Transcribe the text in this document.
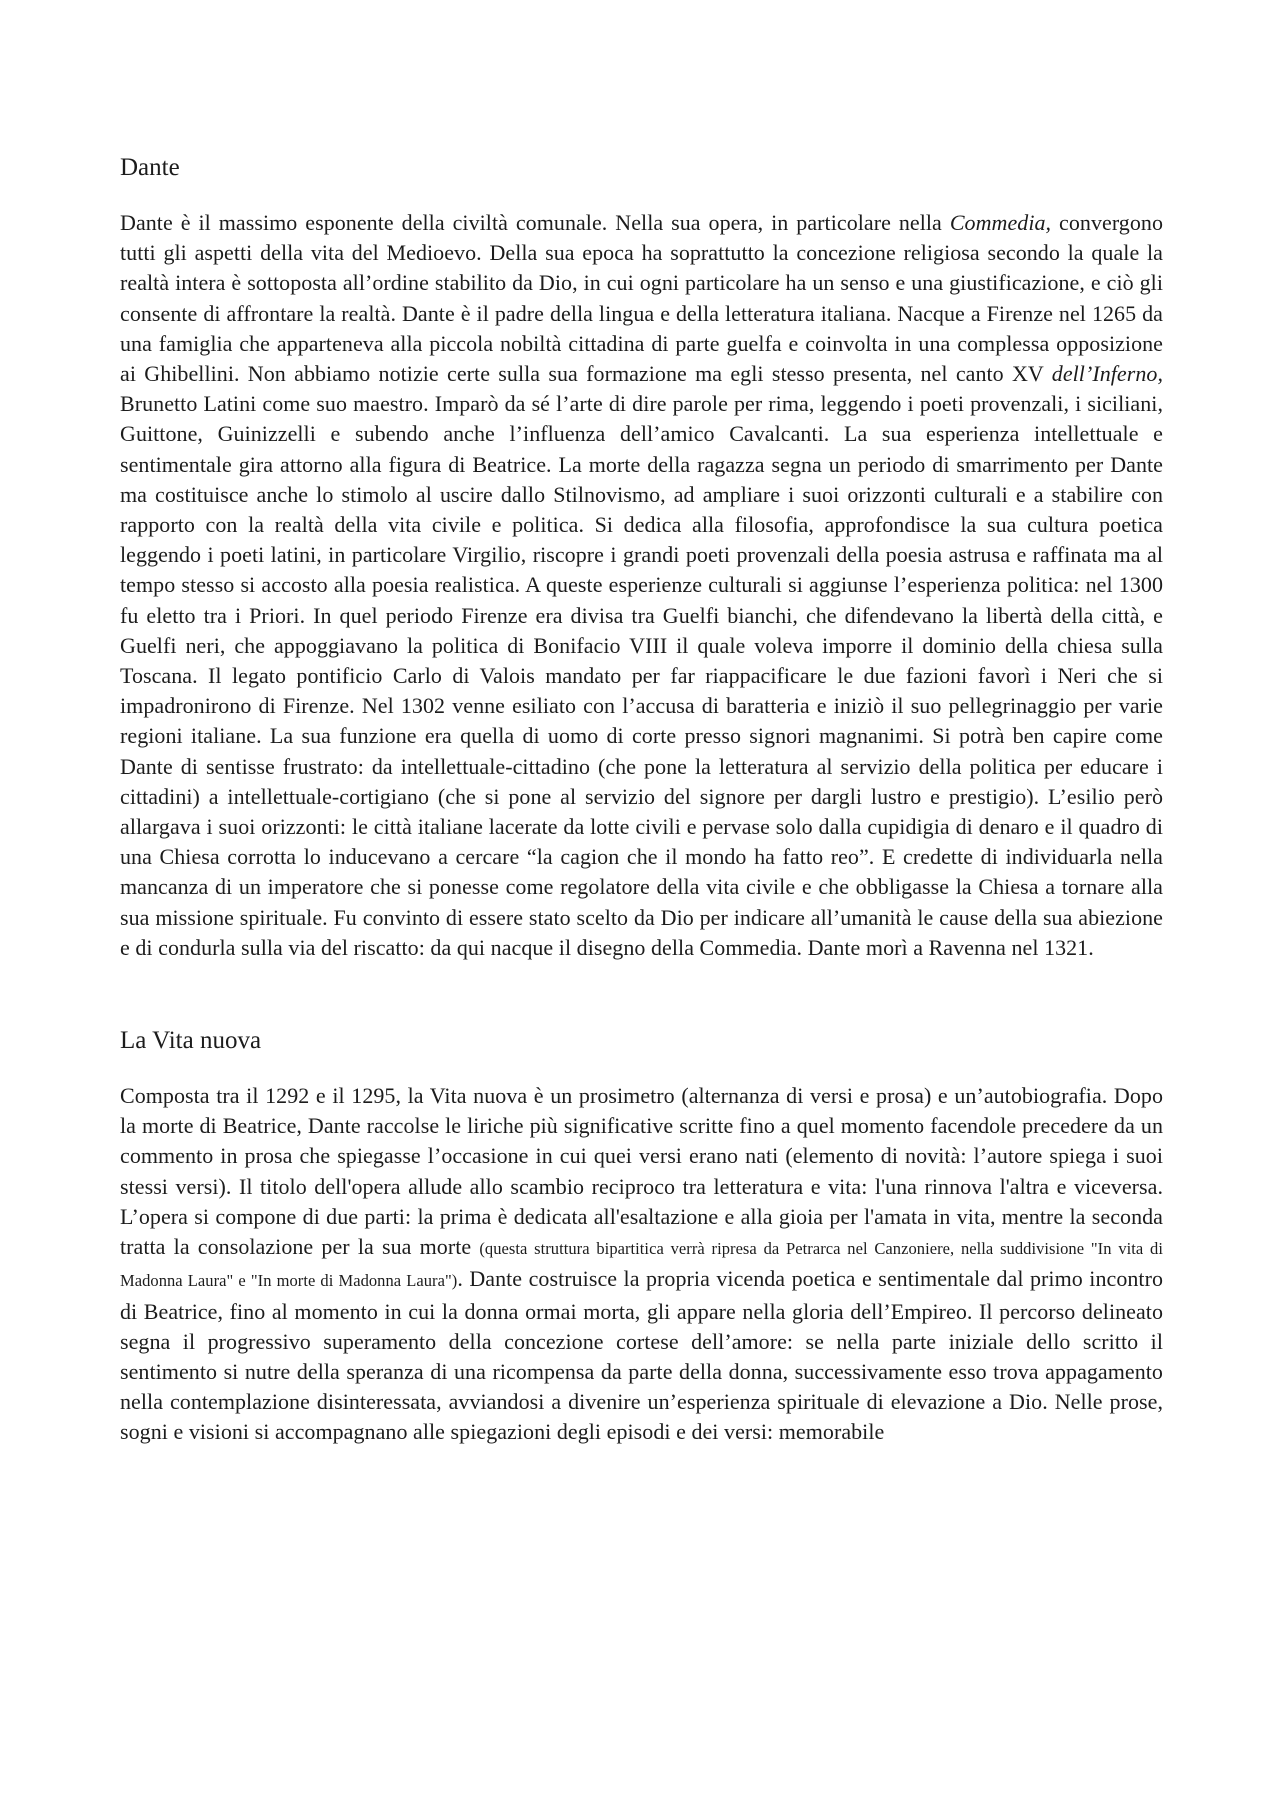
Dante

Dante è il massimo esponente della civiltà comunale. Nella sua opera, in particolare nella Commedia, convergono tutti gli aspetti della vita del Medioevo. Della sua epoca ha soprattutto la concezione religiosa secondo la quale la realtà intera è sottoposta all’ordine stabilito da Dio, in cui ogni particolare ha un senso e una giustificazione, e ciò gli consente di affrontare la realtà. Dante è il padre della lingua e della letteratura italiana. Nacque a Firenze nel 1265 da una famiglia che apparteneva alla piccola nobiltà cittadina di parte guelfa e coinvolta in una complessa opposizione ai Ghibellini. Non abbiamo notizie certe sulla sua formazione ma egli stesso presenta, nel canto XV dell’Inferno, Brunetto Latini come suo maestro. Imparò da sé l’arte di dire parole per rima, leggendo i poeti provenzali, i siciliani, Guittone, Guinizzelli e subendo anche l’influenza dell’amico Cavalcanti. La sua esperienza intellettuale e sentimentale gira attorno alla figura di Beatrice. La morte della ragazza segna un periodo di smarrimento per Dante ma costituisce anche lo stimolo al uscire dallo Stilnovismo, ad ampliare i suoi orizzonti culturali e a stabilire con rapporto con la realtà della vita civile e politica. Si dedica alla filosofia, approfondisce la sua cultura poetica leggendo i poeti latini, in particolare Virgilio, riscopre i grandi poeti provenzali della poesia astrusa e raffinata ma al tempo stesso si accosto alla poesia realistica. A queste esperienze culturali si aggiunse l’esperienza politica: nel 1300 fu eletto tra i Priori. In quel periodo Firenze era divisa tra Guelfi bianchi, che difendevano la libertà della città, e Guelfi neri, che appoggiavano la politica di Bonifacio VIII il quale voleva imporre il dominio della chiesa sulla Toscana. Il legato pontificio Carlo di Valois mandato per far riappacificare le due fazioni favorì i Neri che si impadronirono di Firenze. Nel 1302 venne esiliato con l’accusa di baratteria e iniziò il suo pellegrinaggio per varie regioni italiane. La sua funzione era quella di uomo di corte presso signori magnanimi. Si potrà ben capire come Dante di sentisse frustrato: da intellettuale-cittadino (che pone la letteratura al servizio della politica per educare i cittadini) a intellettuale-cortigiano (che si pone al servizio del signore per dargli lustro e prestigio). L’esilio però allargava i suoi orizzonti: le città italiane lacerate da lotte civili e pervase solo dalla cupidigia di denaro e il quadro di una Chiesa corrotta lo inducevano a cercare “la cagion che il mondo ha fatto reo”. E credette di individuarla nella mancanza di un imperatore che si ponesse come regolatore della vita civile e che obbligasse la Chiesa a tornare alla sua missione spirituale. Fu convinto di essere stato scelto da Dio per indicare all’umanità le cause della sua abiezione e di condurla sulla via del riscatto: da qui nacque il disegno della Commedia. Dante morì a Ravenna nel 1321.

La Vita nuova

Composta tra il 1292 e il 1295, la Vita nuova è un prosimetro (alternanza di versi e prosa) e un’autobiografia. Dopo la morte di Beatrice, Dante raccolse le liriche più significative scritte fino a quel momento facendole precedere da un commento in prosa che spiegasse l’occasione in cui quei versi erano nati (elemento di novità: l’autore spiega i suoi stessi versi). Il titolo dell'opera allude allo scambio reciproco tra letteratura e vita: l'una rinnova l'altra e viceversa. L’opera si compone di due parti: la prima è dedicata all'esaltazione e alla gioia per l'amata in vita, mentre la seconda tratta la consolazione per la sua morte (questa struttura bipartitica verrà ripresa da Petrarca nel Canzoniere, nella suddivisione "In vita di Madonna Laura" e "In morte di Madonna Laura"). Dante costruisce la propria vicenda poetica e sentimentale dal primo incontro di Beatrice, fino al momento in cui la donna ormai morta, gli appare nella gloria dell’Empireo. Il percorso delineato segna il progressivo superamento della concezione cortese dell’amore: se nella parte iniziale dello scritto il sentimento si nutre della speranza di una ricompensa da parte della donna, successivamente esso trova appagamento nella contemplazione disinteressata, avviandosi a divenire un’esperienza spirituale di elevazione a Dio. Nelle prose, sogni e visioni si accompagnano alle spiegazioni degli episodi e dei versi: memorabile
